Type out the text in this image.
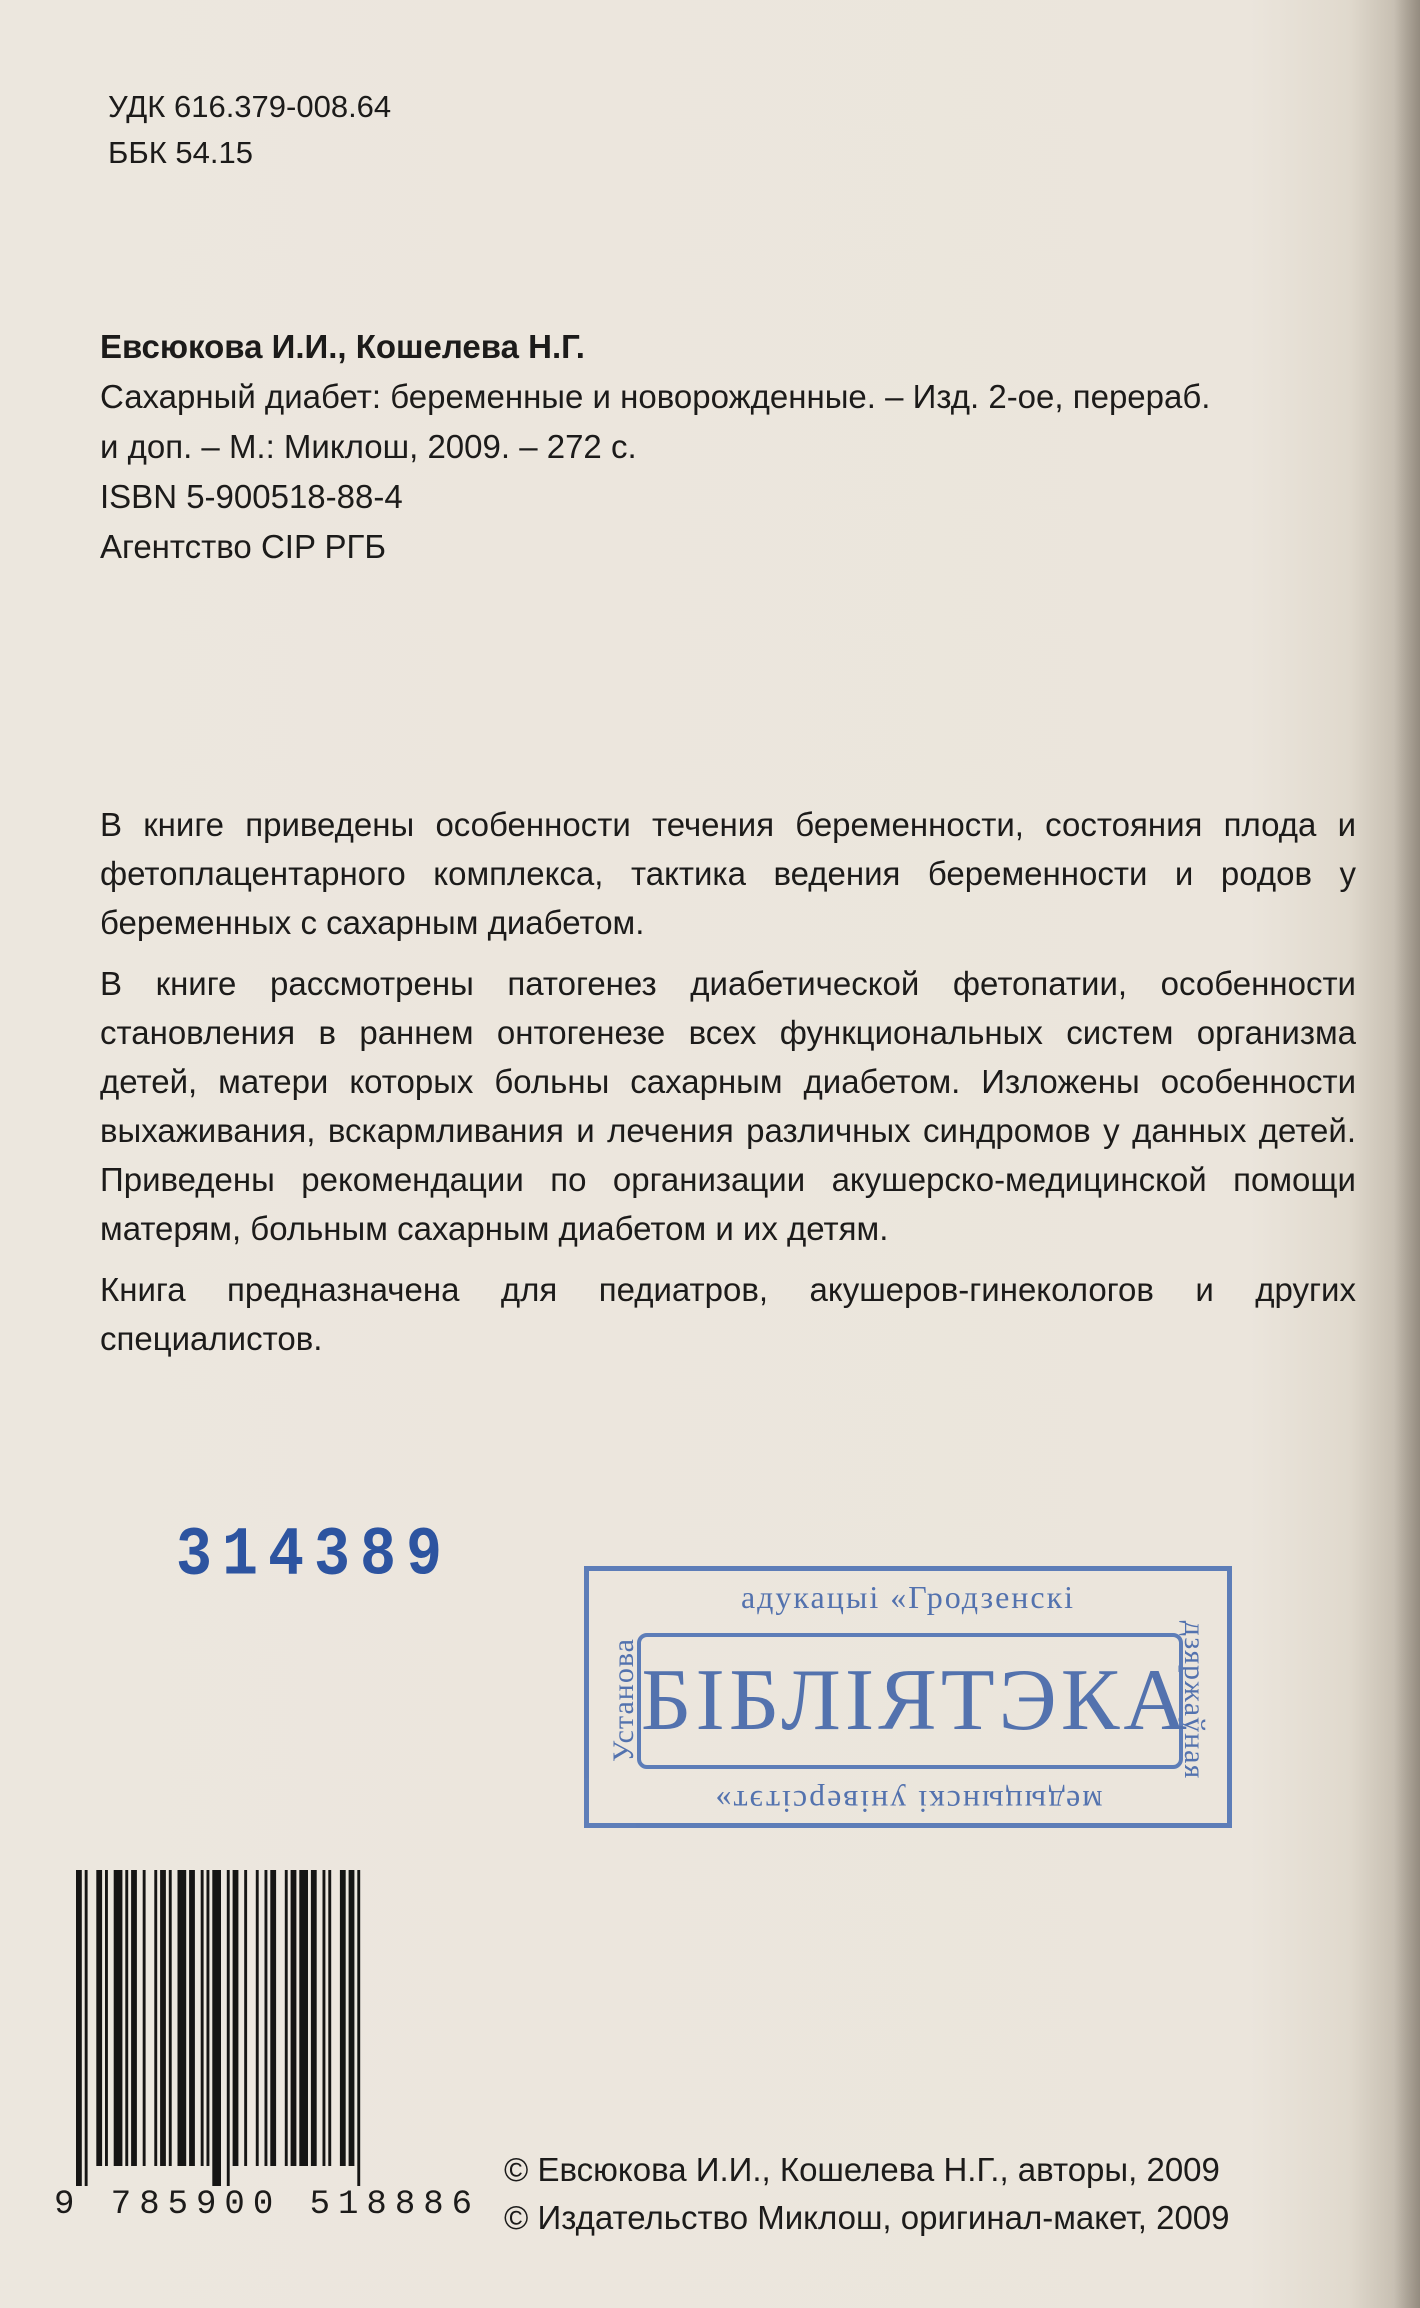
УДК 616.379-008.64
ББК 54.15

Евсюкова И.И., Кошелева Н.Г.

Сахарный диабет: беременные и новорожденные. – Изд. 2-ое, перераб.

и доп. – М.: Миклош, 2009. – 272 с.

ISBN 5-900518-88-4

Агентство CIP РГБ

В книге приведены особенности течения беременности, состояния плода и фетоплацентарного комплекса, тактика ведения беременности и родов у беременных с сахарным диабетом.

В книге рассмотрены патогенез диабетической фетопатии, особенности становления в раннем онтогенезе всех функциональных систем организма детей, матери которых больны сахарным диабетом. Изложены особенности выхаживания, вскармливания и лечения различных синдромов у данных детей. Приведены рекомендации по организации акушерско-медицинской помощи матерям, больным сахарным диабетом и их детям.

Книга предназначена для педиатров, акушеров-гинекологов и других специалистов.

314389
адукацыі «Гродзенскі
Установа	дзяржаўная
БІБЛІЯТЭКА
медыцынскі універсітэт»
9 785900 518886
© Евсюкова И.И., Кошелева Н.Г., авторы, 2009
© Издательство Миклош, оригинал-макет, 2009
